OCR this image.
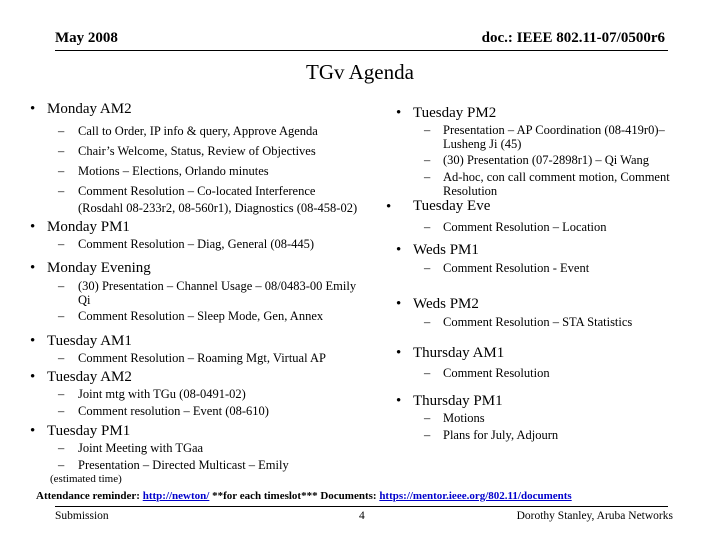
May 2008	doc.: IEEE 802.11-07/0500r6
TGv Agenda
• Monday AM2
– Call to Order, IP info & query, Approve Agenda
– Chair’s Welcome, Status, Review of Objectives
– Motions – Elections, Orlando minutes
– Comment Resolution – Co-located Interference
(Rosdahl 08-233r2, 08-560r1), Diagnostics (08-458-02)
• Monday PM1
– Comment Resolution – Diag, General (08-445)
• Monday Evening
– (30) Presentation – Channel Usage – 08/0483-00 Emily
Qi
– Comment Resolution – Sleep Mode, Gen, Annex
• Tuesday AM1
– Comment Resolution – Roaming Mgt, Virtual AP
• Tuesday AM2
– Joint mtg with TGu (08-0491-02)
– Comment resolution – Event (08-610)
• Tuesday PM1
– Joint Meeting with TGaa
– Presentation – Directed Multicast – Emily
(estimated time)
• Tuesday PM2
– Presentation – AP Coordination (08-419r0)–
Lusheng Ji (45)
– (30) Presentation (07-2898r1) – Qi Wang
– Ad-hoc, con call comment motion, Comment
Resolution
• Tuesday Eve
– Comment Resolution – Location
• Weds PM1
– Comment Resolution - Event
• Weds PM2
– Comment Resolution – STA Statistics
• Thursday AM1
– Comment Resolution
• Thursday PM1
– Motions
– Plans for July, Adjourn
Attendance reminder: http://newton/ **for each timeslot*** Documents: https://mentor.ieee.org/802.11/documents
Submission	4	Dorothy Stanley, Aruba Networks
